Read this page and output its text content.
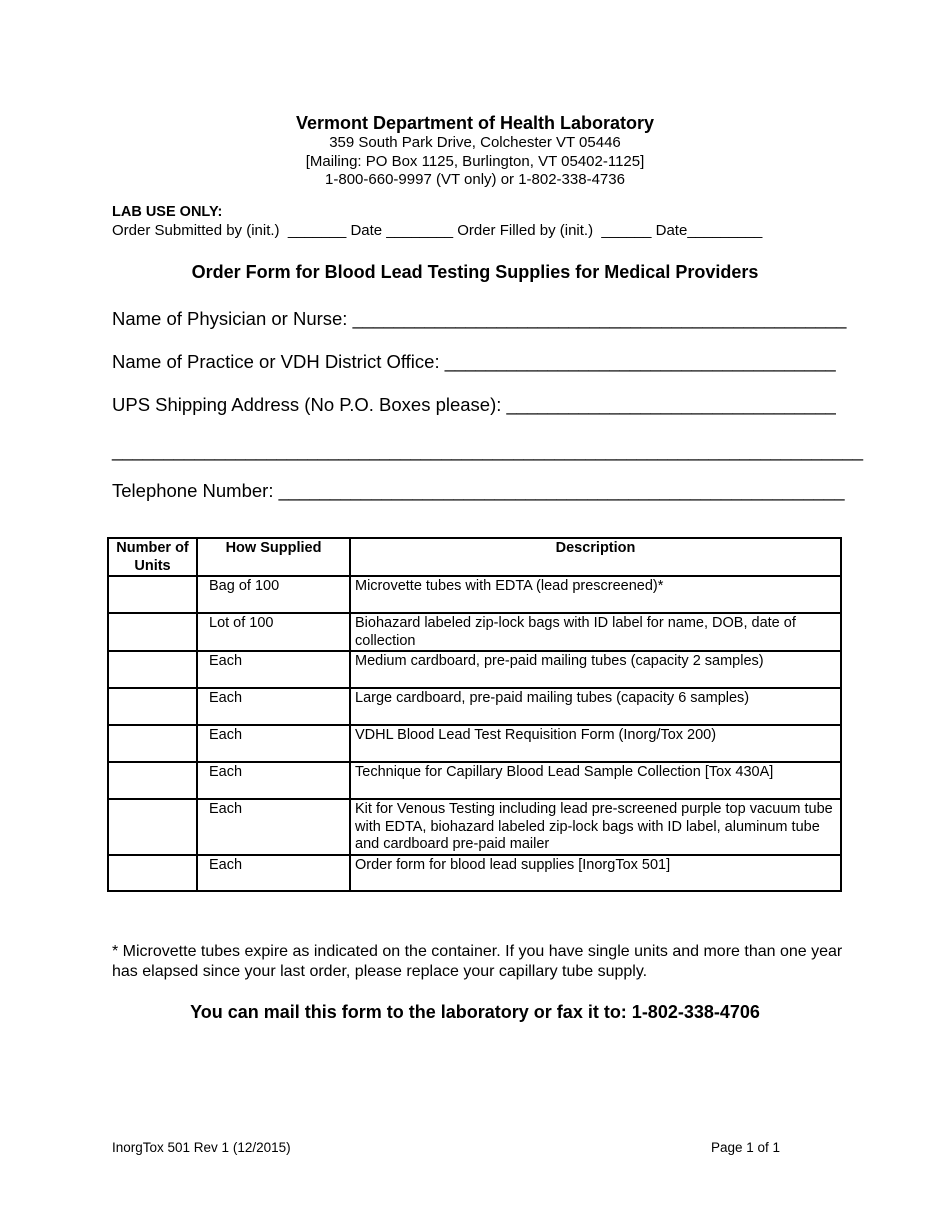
Vermont Department of Health Laboratory
359 South Park Drive, Colchester VT 05446
[Mailing: PO Box 1125, Burlington, VT 05402-1125]
1-800-660-9997 (VT only) or 1-802-338-4736
LAB USE ONLY:
Order Submitted by (init.)  _______ Date ________ Order Filled by (init.)  ______ Date_________
Order Form for Blood Lead Testing Supplies for Medical Providers
Name of Physician or Nurse: ________________________________________________
Name of Practice or VDH District Office: ______________________________________
UPS Shipping Address (No P.O. Boxes please): ________________________________
_________________________________________________________________________
Telephone Number: _______________________________________________________
Number of Units	How Supplied	Description
	Bag of 100	Microvette tubes with EDTA (lead prescreened)*
	Lot of 100	Biohazard labeled zip-lock bags with ID label for name, DOB, date of collection
	Each	Medium cardboard, pre-paid mailing tubes (capacity 2 samples)
	Each	Large cardboard, pre-paid mailing tubes (capacity 6 samples)
	Each	VDHL Blood Lead Test Requisition Form (Inorg/Tox 200)
	Each	Technique for Capillary Blood Lead Sample Collection [Tox 430A]
	Each	Kit for Venous Testing including lead pre-screened purple top vacuum tube with EDTA, biohazard labeled zip-lock bags with ID label, aluminum tube and cardboard pre-paid mailer
	Each	Order form for blood lead supplies [InorgTox 501]
* Microvette tubes expire as indicated on the container. If you have single units and more than one year has elapsed since your last order, please replace your capillary tube supply.
You can mail this form to the laboratory or fax it to: 1-802-338-4706
InorgTox 501 Rev 1 (12/2015)	Page 1 of 1
